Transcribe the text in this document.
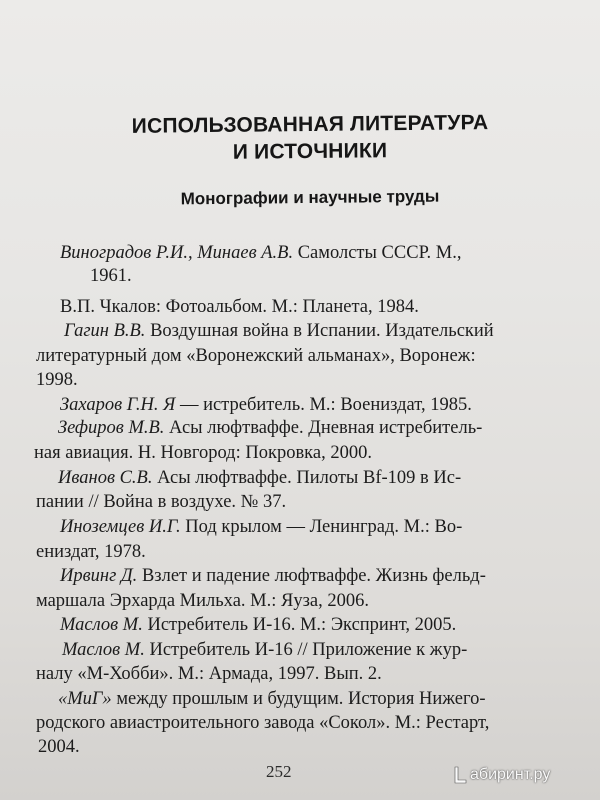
ИСПОЛЬЗОВАННАЯ ЛИТЕРАТУРА
И ИСТОЧНИКИ
Монографии и научные труды
Виноградов Р.И., Минаев А.В. Самолсты СССР. М.,
1961.
В.П. Чкалов: Фотоальбом. М.: Планета, 1984.
Гагин В.В. Воздушная война в Испании. Издательский
литературный дом «Воронежский альманах», Воронеж:
1998.
Захаров Г.Н. Я — истребитель. М.: Воениздат, 1985.
Зефиров М.В. Асы люфтваффе. Дневная истребитель-
ная авиация. Н. Новгород: Покровка, 2000.
Иванов С.В. Асы люфтваффе. Пилоты Bf-109 в Ис-
пании // Война в воздухе. № 37.
Иноземцев И.Г. Под крылом — Ленинград. М.: Во-
ениздат, 1978.
Ирвинг Д. Взлет и падение люфтваффе. Жизнь фельд-
маршала Эрхарда Мильха. М.: Яуза, 2006.
Маслов М. Истребитель И-16. М.: Экспринт, 2005.
Маслов М. Истребитель И-16 // Приложение к жур-
налу «М-Хобби». М.: Армада, 1997. Вып. 2.
«МиГ» между прошлым и будущим. История Нижего-
родского авиастроительного завода «Сокол». М.: Рестарт,
2004.
252	абиринт.ру
